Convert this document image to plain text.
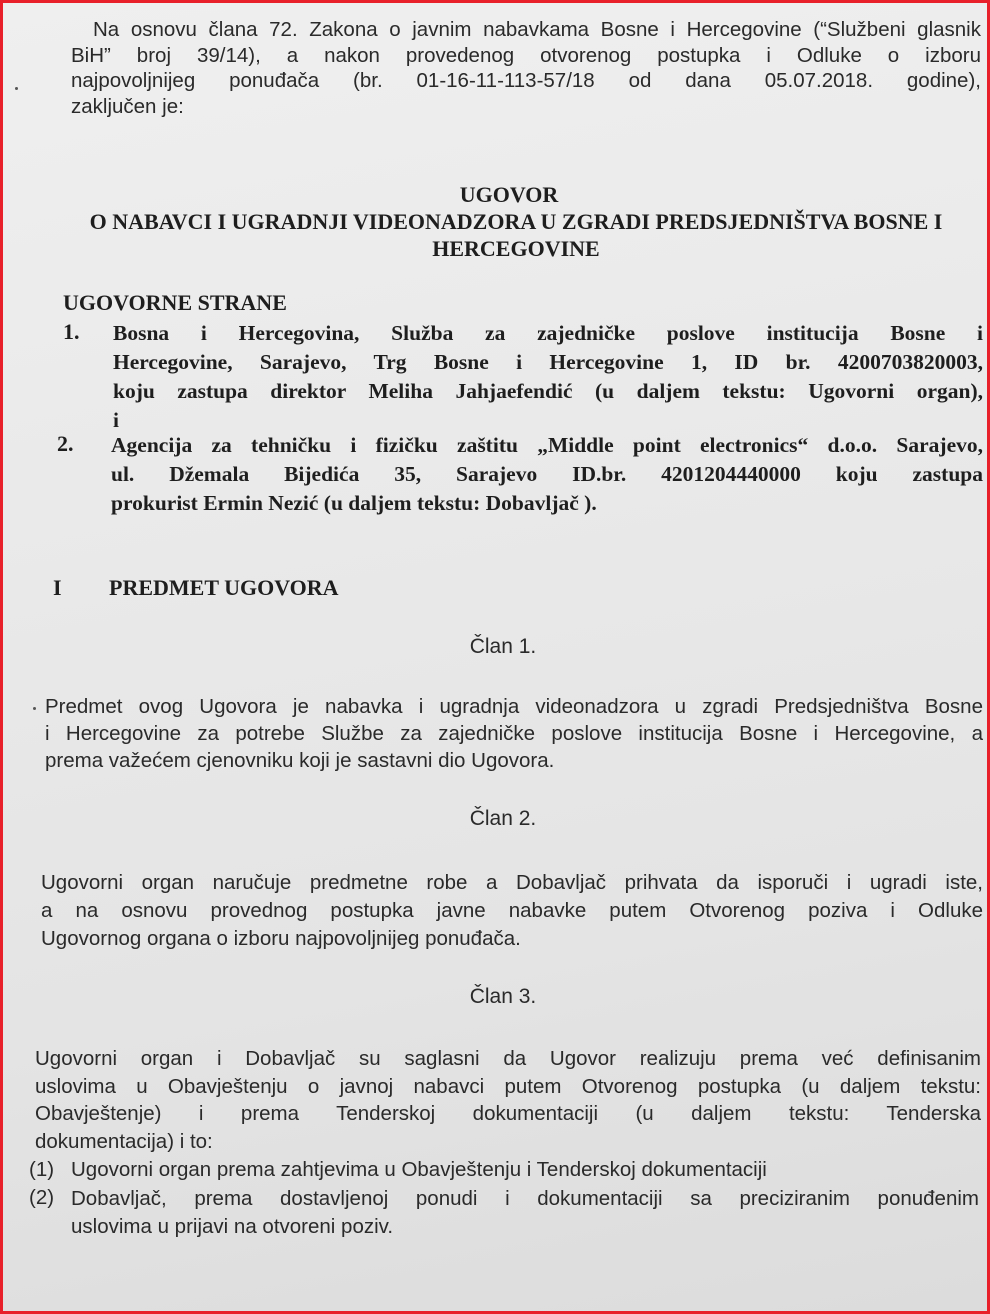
Na osnovu člana 72. Zakona o javnim nabavkama Bosne i Hercegovine (“Službeni glasnik
BiH” broj 39/14), a nakon provedenog otvorenog postupka i Odluke o izboru
najpovoljnijeg ponuđača (br. 01-16-11-113-57/18 od dana 05.07.2018. godine),
zaključen je:

UGOVOR

O NABAVCI I UGRADNJI VIDEONADZORA U ZGRADI PREDSJEDNIŠTVA BOSNE I

HERCEGOVINE

UGOVORNE STRANE

1. Bosna i Hercegovina, Služba za zajedničke poslove institucija Bosne i
Hercegovine, Sarajevo, Trg Bosne i Hercegovine 1, ID br. 4200703820003,
koju zastupa direktor Meliha Jahjaefendić (u daljem tekstu: Ugovorni organ),
i
2. Agencija za tehničku i fizičku zaštitu „Middle point electronics“ d.o.o. Sarajevo,
ul. Džemala Bijedića 35, Sarajevo ID.br. 4201204440000 koju zastupa
prokurist Ermin Nezić (u daljem tekstu: Dobavljač ).
I PREDMET UGOVORA

Član 1.

Predmet ovog Ugovora je nabavka i ugradnja videonadzora u zgradi Predsjedništva Bosne
i Hercegovine za potrebe Službe za zajedničke poslove institucija Bosne i Hercegovine, a
prema važećem cjenovniku koji je sastavni dio Ugovora.

Član 2.

Ugovorni organ naručuje predmetne robe a Dobavljač prihvata da isporuči i ugradi iste,
a na osnovu provednog postupka javne nabavke putem Otvorenog poziva i Odluke
Ugovornog organa o izboru najpovoljnijeg ponuđača.

Član 3.

Ugovorni organ i Dobavljač su saglasni da Ugovor realizuju prema već definisanim
uslovima u Obavještenju o javnoj nabavci putem Otvorenog postupka (u daljem tekstu:
Obavještenje) i prema Tenderskoj dokumentaciji (u daljem tekstu: Tenderska
dokumentacija) i to:
(1) Ugovorni organ prema zahtjevima u Obavještenju i Tenderskoj dokumentaciji
(2) Dobavljač, prema dostavljenoj ponudi i dokumentaciji sa preciziranim ponuđenim
uslovima u prijavi na otvoreni poziv.
